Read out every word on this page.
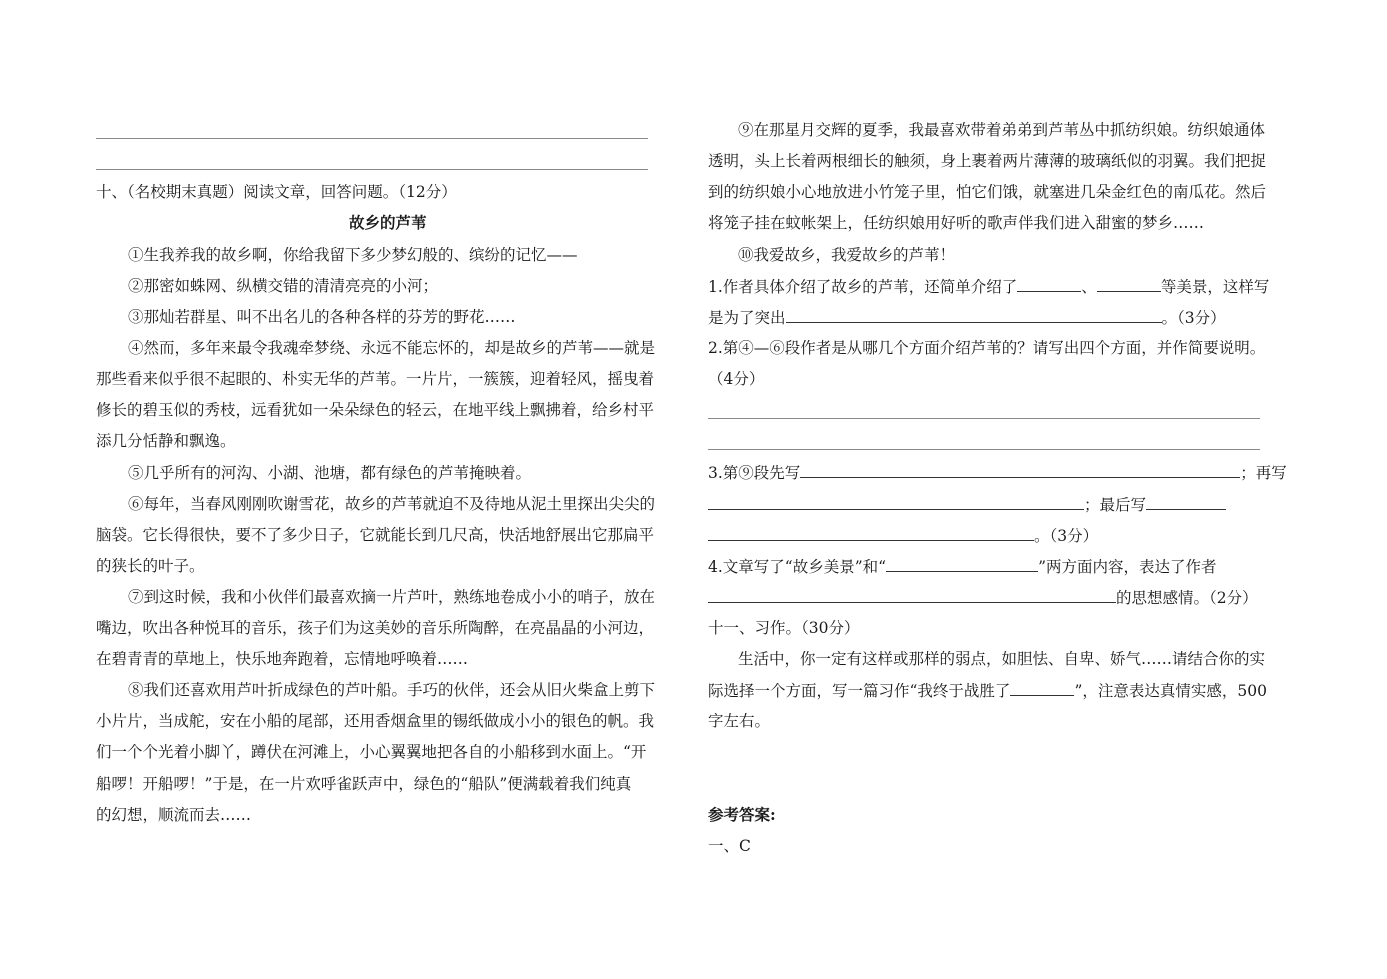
十、（名校期末真题）阅读文章，回答问题。（12分）
故乡的芦苇
①生我养我的故乡啊，你给我留下多少梦幻般的、缤纷的记忆——
②那密如蛛网、纵横交错的清清亮亮的小河；
③那灿若群星、叫不出名儿的各种各样的芬芳的野花……
④然而，多年来最令我魂牵梦绕、永远不能忘怀的，却是故乡的芦苇——就是
那些看来似乎很不起眼的、朴实无华的芦苇。一片片，一簇簇，迎着轻风，摇曳着
修长的碧玉似的秀枝，远看犹如一朵朵绿色的轻云，在地平线上飘拂着，给乡村平
添几分恬静和飘逸。
⑤几乎所有的河沟、小湖、池塘，都有绿色的芦苇掩映着。
⑥每年，当春风刚刚吹谢雪花，故乡的芦苇就迫不及待地从泥土里探出尖尖的
脑袋。它长得很快，要不了多少日子，它就能长到几尺高，快活地舒展出它那扁平
的狭长的叶子。
⑦到这时候，我和小伙伴们最喜欢摘一片芦叶，熟练地卷成小小的哨子，放在
嘴边，吹出各种悦耳的音乐，孩子们为这美妙的音乐所陶醉，在亮晶晶的小河边，
在碧青青的草地上，快乐地奔跑着，忘情地呼唤着……
⑧我们还喜欢用芦叶折成绿色的芦叶船。手巧的伙伴，还会从旧火柴盒上剪下
小片片，当成舵，安在小船的尾部，还用香烟盒里的锡纸做成小小的银色的帆。我
们一个个光着小脚丫，蹲伏在河滩上，小心翼翼地把各自的小船移到水面上。“开
船啰！开船啰！”于是，在一片欢呼雀跃声中，绿色的“船队”便满载着我们纯真
的幻想，顺流而去……
⑨在那星月交辉的夏季，我最喜欢带着弟弟到芦苇丛中抓纺织娘。纺织娘通体
透明，头上长着两根细长的触须，身上裹着两片薄薄的玻璃纸似的羽翼。我们把捉
到的纺织娘小心地放进小竹笼子里，怕它们饿，就塞进几朵金红色的南瓜花。然后
将笼子挂在蚊帐架上，任纺织娘用好听的歌声伴我们进入甜蜜的梦乡……
⑩我爱故乡，我爱故乡的芦苇！
1.作者具体介绍了故乡的芦苇，还简单介绍了	、	等美景，这样写
是为了突出	。（3分）
2.第④—⑥段作者是从哪几个方面介绍芦苇的？请写出四个方面，并作简要说明。
（4分）
3.第⑨段先写	；再写
；最后写
。（3分）
4.文章写了“故乡美景”和“	”两方面内容，表达了作者
的思想感情。（2分）
十一、习作。（30分）
生活中，你一定有这样或那样的弱点，如胆怯、自卑、娇气……请结合你的实
际选择一个方面，写一篇习作“我终于战胜了	”，注意表达真情实感，500
字左右。
参考答案:
一、C
